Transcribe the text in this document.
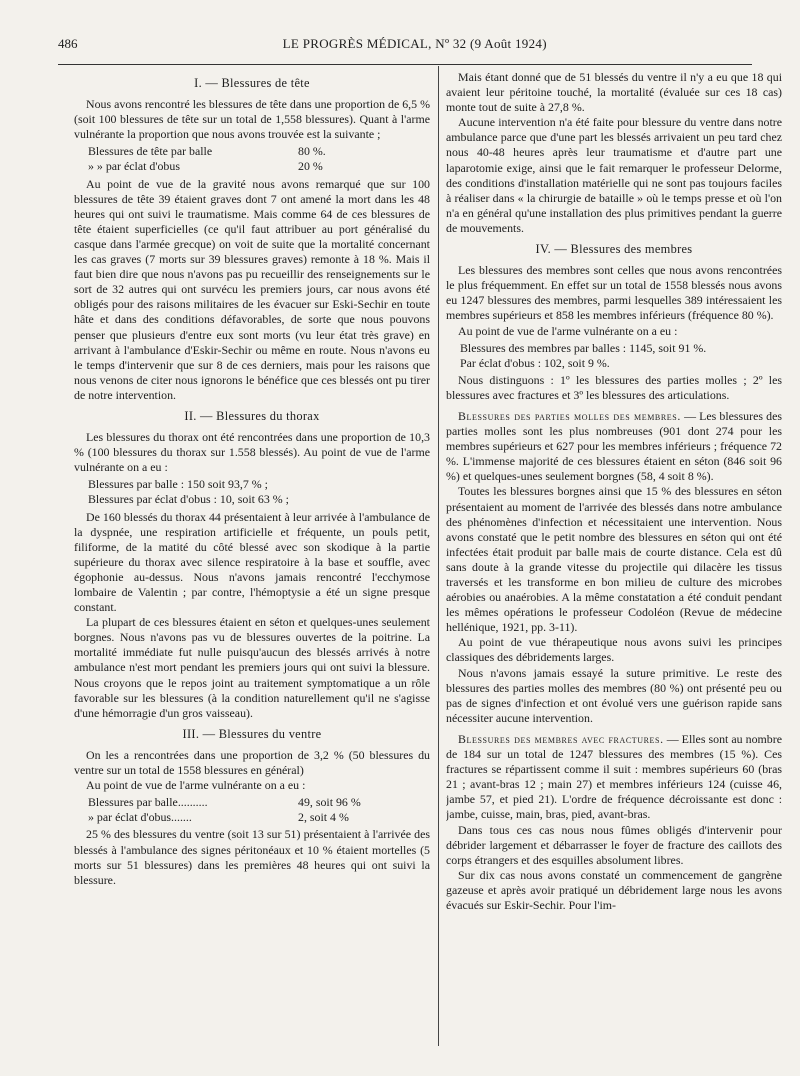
486	LE PROGRÈS MÉDICAL, Nº 32 (9 Août 1924)
I. — Blessures de tête

Nous avons rencontré les blessures de tête dans une proportion de 6,5 % (soit 100 blessures de tête sur un total de 1,558 blessures). Quant à l'arme vulnérante la proportion que nous avons trouvée est la suivante ;

Blessures de tête par balle	80 %.
» » par éclat d'obus	20 %

Au point de vue de la gravité nous avons remarqué que sur 100 blessures de tête 39 étaient graves dont 7 ont amené la mort dans les 48 heures qui ont suivi le traumatisme. Mais comme 64 de ces blessures de tête étaient superficielles (ce qu'il faut attribuer au port généralisé du casque dans l'armée grecque) on voit de suite que la mortalité concernant les cas graves (7 morts sur 39 blessures graves) remonte à 18 %. Mais il faut bien dire que nous n'avons pas pu recueillir des renseignements sur le sort de 32 autres qui ont survécu les premiers jours, car nous avons été obligés pour des raisons militaires de les évacuer sur Eski-Sechir en toute hâte et dans des conditions défavorables, de sorte que nous pouvons penser que plusieurs d'entre eux sont morts (vu leur état très grave) en arrivant à l'ambulance d'Eskir-Sechir ou même en route. Nous n'avons eu le temps d'intervenir que sur 8 de ces derniers, mais pour les raisons que nous venons de citer nous ignorons le bénéfice que ces blessés ont pu tirer de notre intervention.

II. — Blessures du thorax

Les blessures du thorax ont été rencontrées dans une proportion de 10,3 % (100 blessures du thorax sur 1.558 blessés). Au point de vue de l'arme vulnérante on a eu :

Blessures par balle : 150 soit 93,7 % ;
Blessures par éclat d'obus : 10, soit 63 % ;

De 160 blessés du thorax 44 présentaient à leur arrivée à l'ambulance de la dyspnée, une respiration artificielle et fréquente, un pouls petit, filiforme, de la matité du côté blessé avec son skodique à la partie supérieure du thorax avec silence respiratoire à la base et souffle, avec égophonie au-dessus. Nous n'avons jamais rencontré l'ecchymose lombaire de Valentin ; par contre, l'hémoptysie a été un signe presque constant.

La plupart de ces blessures étaient en séton et quelques-unes seulement borgnes. Nous n'avons pas vu de blessures ouvertes de la poitrine. La mortalité immédiate fut nulle puisqu'aucun des blessés arrivés à notre ambulance n'est mort pendant les premiers jours qui ont suivi la blessure. Nous croyons que le repos joint au traitement symptomatique a un rôle favorable sur les blessures (à la condition naturellement qu'il ne s'agisse d'une hémorragie d'un gros vaisseau).

III. — Blessures du ventre

On les a rencontrées dans une proportion de 3,2 % (50 blessures du ventre sur un total de 1558 blessures en général)

Au point de vue de l'arme vulnérante on a eu :

Blessures par balle..........	49, soit 96 %
» par éclat d'obus.......	2, soit 4 %

25 % des blessures du ventre (soit 13 sur 51) présentaient à l'arrivée des blessés à l'ambulance des signes péritonéaux et 10 % étaient mortelles (5 morts sur 51 blessures) dans les premières 48 heures qui ont suivi la blessure.

Mais étant donné que de 51 blessés du ventre il n'y a eu que 18 qui avaient leur péritoine touché, la mortalité (évaluée sur ces 18 cas) monte tout de suite à 27,8 %.

Aucune intervention n'a été faite pour blessure du ventre dans notre ambulance parce que d'une part les blessés arrivaient un peu tard chez nous 40-48 heures après leur traumatisme et d'autre part une laparotomie exige, ainsi que le fait remarquer le professeur Delorme, des conditions d'installation matérielle qui ne sont pas toujours faciles à réaliser dans « la chirurgie de bataille » où le temps presse et où l'on n'a en général qu'une installation des plus primitives pendant la guerre de mouvements.

IV. — Blessures des membres

Les blessures des membres sont celles que nous avons rencontrées le plus fréquemment. En effet sur un total de 1558 blessés nous avons eu 1247 blessures des membres, parmi lesquelles 389 intéressaient les membres supérieurs et 858 les membres inférieurs (fréquence 80 %).

Au point de vue de l'arme vulnérante on a eu :

Blessures des membres par balles : 1145, soit 91 %.
Par éclat d'obus : 102, soit 9 %.

Nous distinguons : 1º les blessures des parties molles ; 2º les blessures avec fractures et 3º les blessures des articulations.

Blessures des parties molles des membres. — Les blessures des parties molles sont les plus nombreuses (901 dont 274 pour les membres supérieurs et 627 pour les membres inférieurs ; fréquence 72 %. L'immense majorité de ces blessures étaient en séton (846 soit 96 %) et quelques-unes seulement borgnes (58, 4 soit 8 %).

Toutes les blessures borgnes ainsi que 15 % des blessures en séton présentaient au moment de l'arrivée des blessés dans notre ambulance des phénomènes d'infection et nécessitaient une intervention. Nous avons constaté que le petit nombre des blessures en séton qui ont été infectées était produit par balle mais de courte distance. Cela est dû sans doute à la grande vitesse du projectile qui dilacère les tissus traversés et les transforme en bon milieu de culture des microbes aérobies ou anaérobies. A la même constatation a été conduit pendant les mêmes opérations le professeur Codoléon (Revue de médecine hellénique, 1921, pp. 3-11).

Au point de vue thérapeutique nous avons suivi les principes classiques des débridements larges.

Nous n'avons jamais essayé la suture primitive. Le reste des blessures des parties molles des membres (80 %) ont présenté peu ou pas de signes d'infection et ont évolué vers une guérison rapide sans nécessiter aucune intervention.

Blessures des membres avec fractures. — Elles sont au nombre de 184 sur un total de 1247 blessures des membres (15 %). Ces fractures se répartissent comme il suit : membres supérieurs 60 (bras 21 ; avant-bras 12 ; main 27) et membres inférieurs 124 (cuisse 46, jambe 57, et pied 21). L'ordre de fréquence décroissante est donc : jambe, cuisse, main, bras, pied, avant-bras.

Dans tous ces cas nous nous fûmes obligés d'intervenir pour débrider largement et débarrasser le foyer de fracture des caillots des corps étrangers et des esquilles absolument libres.

Sur dix cas nous avons constaté un commencement de gangrène gazeuse et après avoir pratiqué un débridement large nous les avons évacués sur Eskir-Sechir. Pour l'im-
